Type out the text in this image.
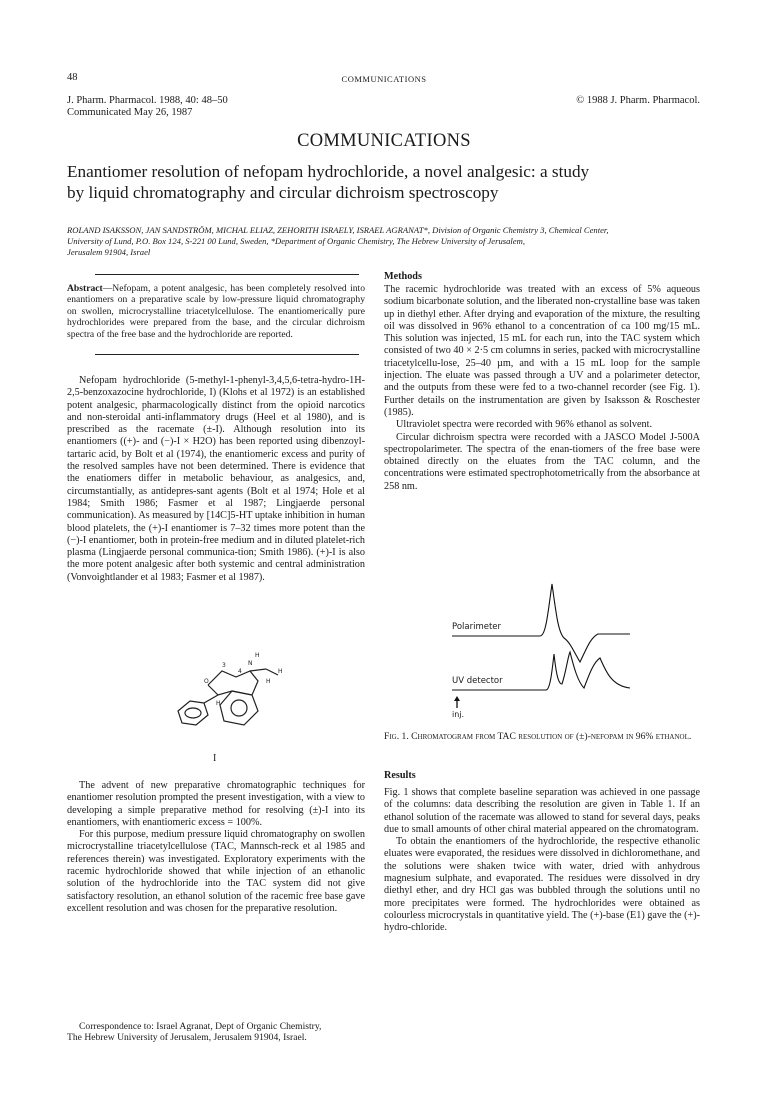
48	COMMUNICATIONS
J. Pharm. Pharmacol. 1988, 40: 48–50
Communicated May 26, 1987
© 1988 J. Pharm. Pharmacol.
COMMUNICATIONS
Enantiomer resolution of nefopam hydrochloride, a novel analgesic: a study
by liquid chromatography and circular dichroism spectroscopy
ROLAND ISAKSSON, JAN SANDSTRÖM, MICHAL ELIAZ, ZEHORITH ISRAELY, ISRAEL AGRANAT*, Division of Organic Chemistry 3, Chemical Center,
University of Lund, P.O. Box 124, S-221 00 Lund, Sweden, *Department of Organic Chemistry, The Hebrew University of Jerusalem,
Jerusalem 91904, Israel
Abstract—Nefopam, a potent analgesic, has been completely resolved into enantiomers on a preparative scale by low-pressure liquid chromatography on swollen, microcrystalline triacetylcellulose. The enantiomerically pure hydrochlorides were prepared from the base, and the circular dichroism spectra of the free base and the hydrochloride are reported.

Nefopam hydrochloride (5-methyl-1-phenyl-3,4,5,6-tetra-hydro-1H-2,5-benzoxazocine hydrochloride, I) (Klohs et al 1972) is an established potent analgesic, pharmacologically distinct from the opioid narcotics and non-steroidal anti-inflammatory drugs (Heel et al 1980), and is prescribed as the racemate (±-I). Although resolution into its enantiomers ((+)- and (−)-I × H2O) has been reported using dibenzoyl-tartaric acid, by Bolt et al (1974), the enantiomeric excess and purity of the resolved samples have not been determined. There is evidence that the enatiomers differ in metabolic behaviour, as analgesics, and, circumstantially, as antidepres-sant agents (Bolt et al 1974; Hole et al 1984; Smith 1986; Fasmer et al 1987; Lingjaerde personal communication). As measured by [14C]5-HT uptake inhibition in human blood platelets, the (+)-I enantiomer is 7–32 times more potent than the (−)-I enantiomer, both in protein-free medium and in diluted platelet-rich plasma (Lingjaerde personal communica-tion; Smith 1986). (+)-I is also the more potent analgesic after both systemic and central administration (Vonvoightlander et al 1983; Fasmer et al 1987).

N
H
H
H
O
3
4
H
I

The advent of new preparative chromatographic techniques for enantiomer resolution prompted the present investigation, with a view to developing a simple preparative method for resolving (±)-I into its enantiomers, with enantiomeric excess = 100%.

For this purpose, medium pressure liquid chromatography on swollen microcrystalline triacetylcellulose (TAC, Mannsch-reck et al 1985 and references therein) was investigated. Exploratory experiments with the racemic hydrochloride showed that while injection of an ethanolic solution of the hydrochloride into the TAC system did not give satisfactory resolution, an ethanol solution of the racemic free base gave excellent resolution and was chosen for the preparative resolution.

Correspondence to: Israel Agranat, Dept of Organic Chemistry,
The Hebrew University of Jerusalem, Jerusalem 91904, Israel.
Methods

The racemic hydrochloride was treated with an excess of 5% aqueous sodium bicarbonate solution, and the liberated non-crystalline base was taken up in diethyl ether. After drying and evaporation of the mixture, the resulting oil was dissolved in 96% ethanol to a concentration of ca 100 mg/15 mL. This solution was injected, 15 mL for each run, into the TAC system which consisted of two 40 × 2·5 cm columns in series, packed with microcrystalline triacetylcellu-lose, 25–40 µm, and with a 15 mL loop for the sample injection. The eluate was passed through a UV and a polarimeter detector, and the outputs from these were fed to a two-channel recorder (see Fig. 1). Further details on the instrumentation are given by Isaksson & Roschester (1985).

Ultraviolet spectra were recorded with 96% ethanol as solvent.

Circular dichroism spectra were recorded with a JASCO Model J-500A spectropolarimeter. The spectra of the enan-tiomers of the free base were obtained directly on the eluates from the TAC column, and the concentrations were estimated spectrophotometrically from the absorbance at 258 nm.

Polarimeter
UV detector
inj.
Fig. 1. Chromatogram from TAC resolution of (±)-nefopam in 96% ethanol.
Results

Fig. 1 shows that complete baseline separation was achieved in one passage of the columns: data describing the resolution are given in Table 1. If an ethanol solution of the racemate was allowed to stand for several days, peaks due to small amounts of other chiral material appeared on the chromatogram.

To obtain the enantiomers of the hydrochloride, the respective ethanolic eluates were evaporated, the residues were dissolved in dichloromethane, and the solutions were shaken twice with water, dried with anhydrous magnesium sulphate, and evaporated. The residues were dissolved in dry diethyl ether, and dry HCl gas was bubbled through the solutions until no more precipitates were formed. The hydrochlorides were obtained as colourless microcrystals in quantitative yield. The (+)-base (E1) gave the (+)-hydro-chloride.
